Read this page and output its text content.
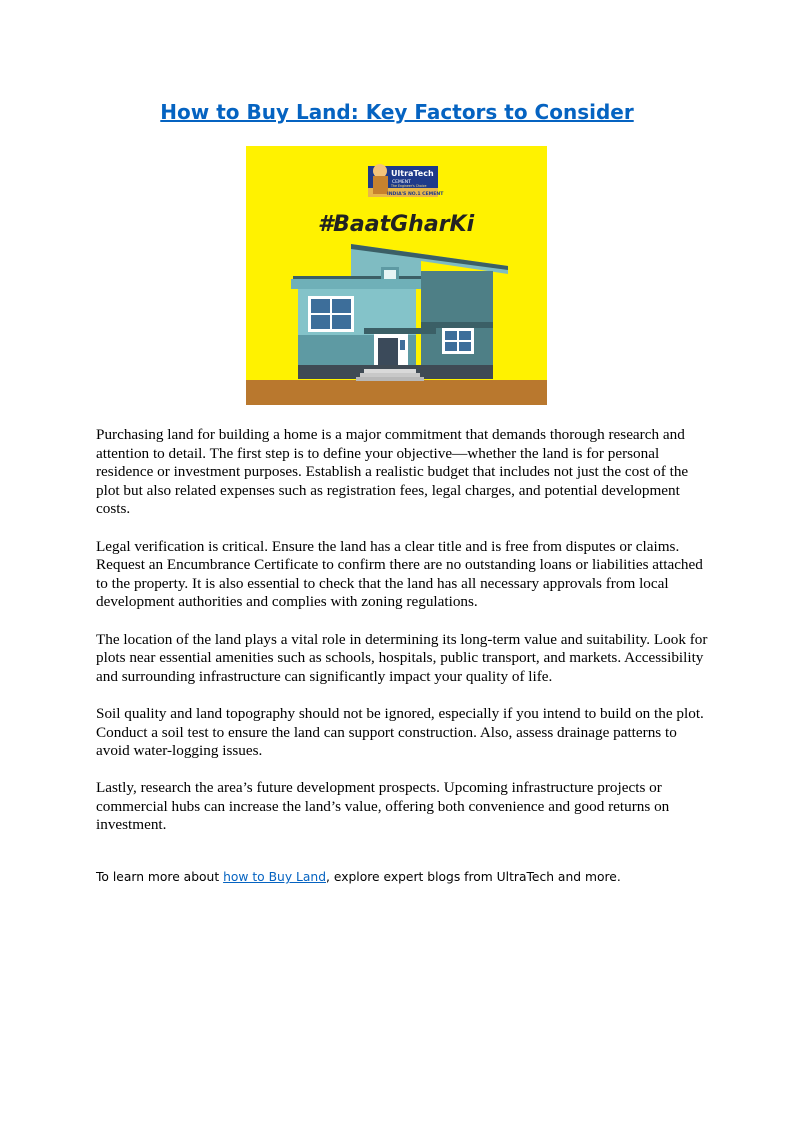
How to Buy Land: Key Factors to Consider
UltraTech
CEMENT
The Engineer's Choice
INDIA'S NO.1 CEMENT
#BaatGharKi

Purchasing land for building a home is a major commitment that demands thorough research and attention to detail. The first step is to define your objective—whether the land is for personal residence or investment purposes. Establish a realistic budget that includes not just the cost of the plot but also related expenses such as registration fees, legal charges, and potential development costs.

Legal verification is critical. Ensure the land has a clear title and is free from disputes or claims. Request an Encumbrance Certificate to confirm there are no outstanding loans or liabilities attached to the property. It is also essential to check that the land has all necessary approvals from local development authorities and complies with zoning regulations.

The location of the land plays a vital role in determining its long-term value and suitability. Look for plots near essential amenities such as schools, hospitals, public transport, and markets. Accessibility and surrounding infrastructure can significantly impact your quality of life.

Soil quality and land topography should not be ignored, especially if you intend to build on the plot. Conduct a soil test to ensure the land can support construction. Also, assess drainage patterns to avoid water-logging issues.

Lastly, research the area’s future development prospects. Upcoming infrastructure projects or commercial hubs can increase the land’s value, offering both convenience and good returns on investment.

To learn more about how to Buy Land, explore expert blogs from UltraTech and more.
